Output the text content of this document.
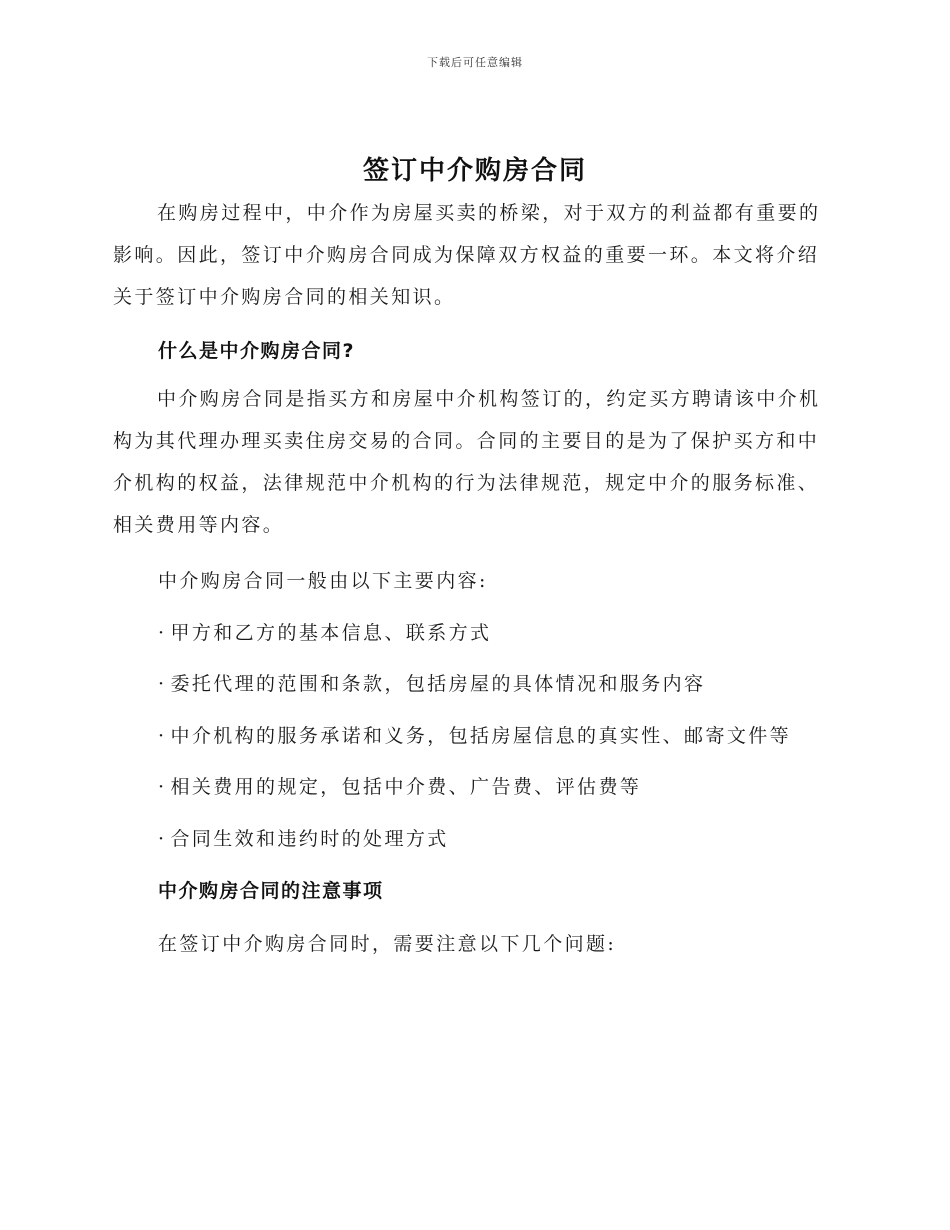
下载后可任意编辑
签订中介购房合同
在购房过程中，中介作为房屋买卖的桥梁，对于双方的利益都有重要的影响。因此，签订中介购房合同成为保障双方权益的重要一环。本文将介绍关于签订中介购房合同的相关知识。
什么是中介购房合同?
中介购房合同是指买方和房屋中介机构签订的，约定买方聘请该中介机构为其代理办理买卖住房交易的合同。合同的主要目的是为了保护买方和中介机构的权益，法律规范中介机构的行为法律规范，规定中介的服务标准、相关费用等内容。
中介购房合同一般由以下主要内容:
· 甲方和乙方的基本信息、联系方式
· 委托代理的范围和条款，包括房屋的具体情况和服务内容
· 中介机构的服务承诺和义务，包括房屋信息的真实性、邮寄文件等
· 相关费用的规定，包括中介费、广告费、评估费等
· 合同生效和违约时的处理方式
中介购房合同的注意事项
在签订中介购房合同时，需要注意以下几个问题:
